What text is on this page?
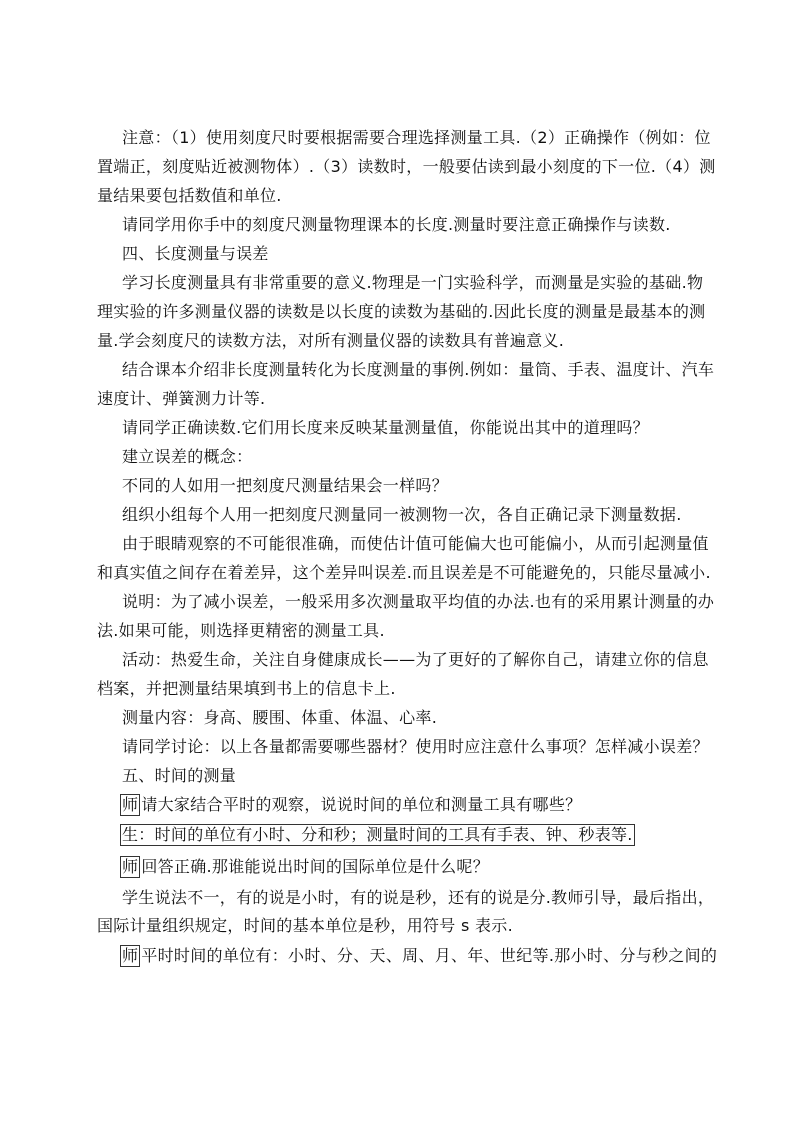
注意：（1）使用刻度尺时要根据需要合理选择测量工具.（2）正确操作（例如：位
置端正，刻度贴近被测物体）.（3）读数时，一般要估读到最小刻度的下一位.（4）测
量结果要包括数值和单位.
请同学用你手中的刻度尺测量物理课本的长度.测量时要注意正确操作与读数.
四、长度测量与误差
学习长度测量具有非常重要的意义.物理是一门实验科学，而测量是实验的基础.物
理实验的许多测量仪器的读数是以长度的读数为基础的.因此长度的测量是最基本的测
量.学会刻度尺的读数方法，对所有测量仪器的读数具有普遍意义.
结合课本介绍非长度测量转化为长度测量的事例.例如：量筒、手表、温度计、汽车
速度计、弹簧测力计等.
请同学正确读数.它们用长度来反映某量测量值，你能说出其中的道理吗？
建立误差的概念：
不同的人如用一把刻度尺测量结果会一样吗？
组织小组每个人用一把刻度尺测量同一被测物一次，各自正确记录下测量数据.
由于眼睛观察的不可能很准确，而使估计值可能偏大也可能偏小，从而引起测量值
和真实值之间存在着差异，这个差异叫误差.而且误差是不可能避免的，只能尽量减小.
说明：为了减小误差，一般采用多次测量取平均值的办法.也有的采用累计测量的办
法.如果可能，则选择更精密的测量工具.
活动：热爱生命，关注自身健康成长——为了更好的了解你自己，请建立你的信息
档案，并把测量结果填到书上的信息卡上.
测量内容：身高、腰围、体重、体温、心率.
请同学讨论：以上各量都需要哪些器材？使用时应注意什么事项？怎样减小误差？
五、时间的测量
师 请大家结合平时的观察，说说时间的单位和测量工具有哪些？
生：时间的单位有小时、分和秒；测量时间的工具有手表、钟、秒表等.
师 回答正确.那谁能说出时间的国际单位是什么呢？
学生说法不一，有的说是小时，有的说是秒，还有的说是分.教师引导，最后指出，
国际计量组织规定，时间的基本单位是秒，用符号 s 表示.
师 平时时间的单位有：小时、分、天、周、月、年、世纪等.那小时、分与秒之间的
